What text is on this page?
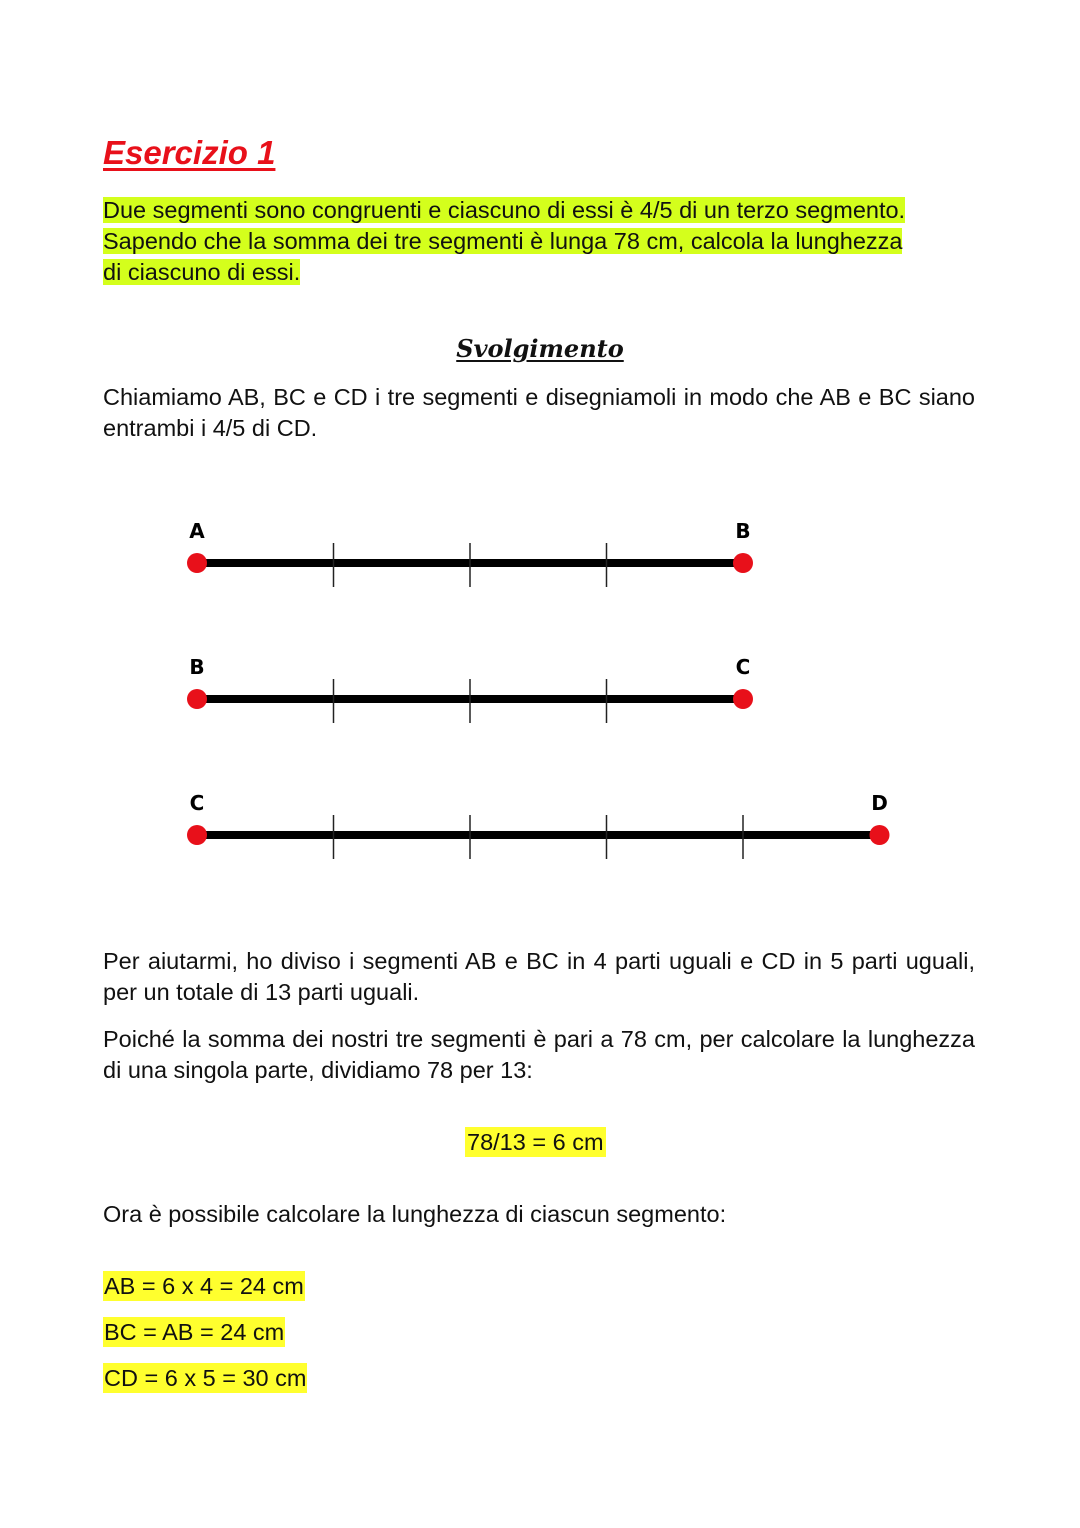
Esercizio 1
Due segmenti sono congruenti e ciascuno di essi è 4/5 di un terzo segmento.
Sapendo che la somma dei tre segmenti è lunga 78 cm, calcola la lunghezza
di ciascuno di essi.
Svolgimento

Chiamiamo AB, BC e CD i tre segmenti e disegniamoli in modo che AB e BC siano entrambi i 4/5 di CD.

A	B
B	C
C	D

Per aiutarmi, ho diviso i segmenti AB e BC in 4 parti uguali e CD in 5 parti uguali, per un totale di 13 parti uguali.

Poiché la somma dei nostri tre segmenti è pari a 78 cm, per calcolare la lunghezza di una singola parte, dividiamo 78 per 13:

78/13 = 6 cm

Ora è possibile calcolare la lunghezza di ciascun segmento:

AB = 6 x 4 = 24 cm
BC = AB = 24 cm
CD = 6 x 5 = 30 cm
